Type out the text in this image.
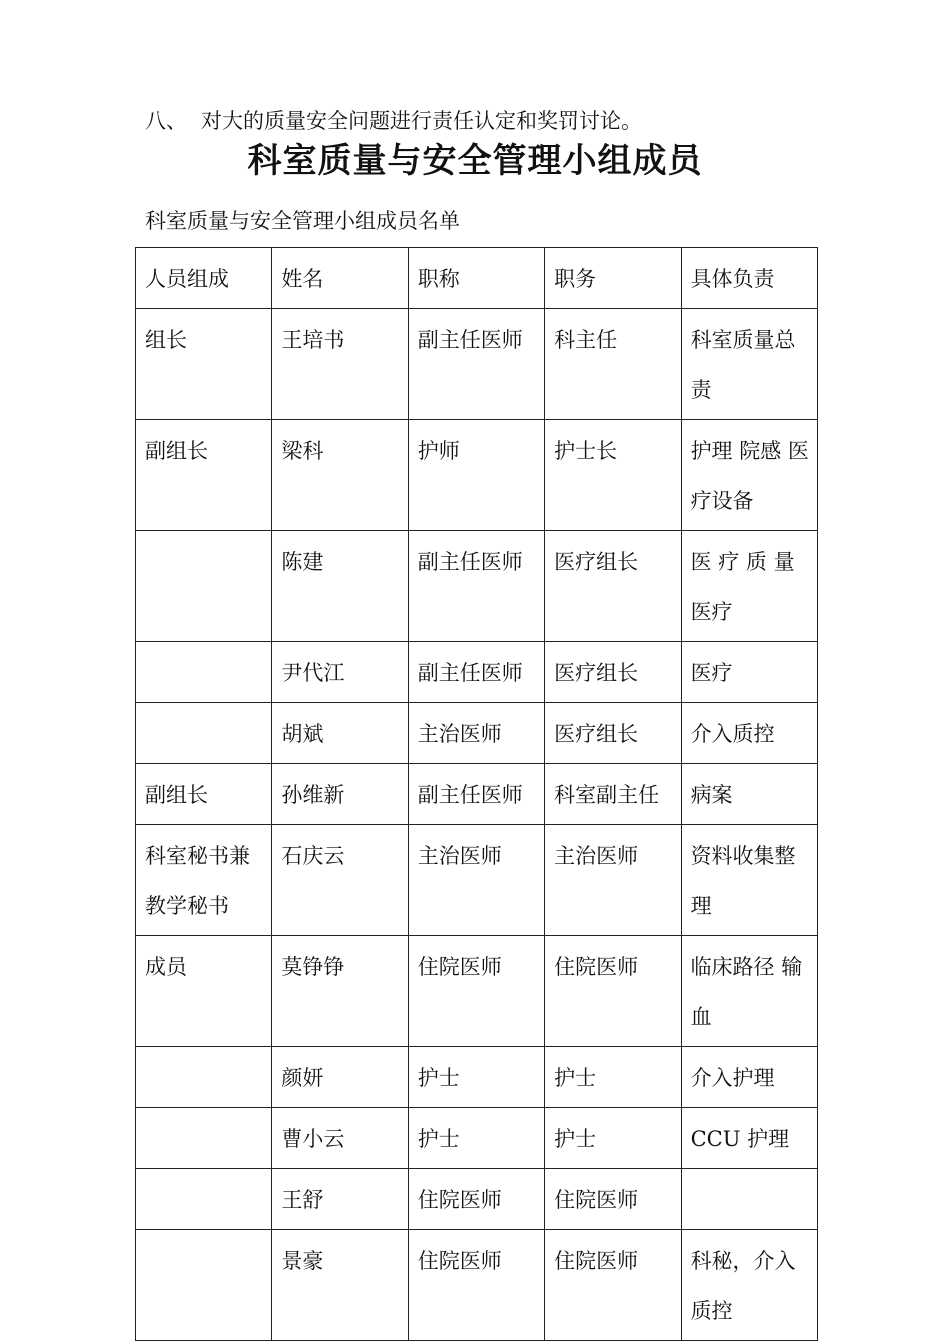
八、 对大的质量安全问题进行责任认定和奖罚讨论。
科室质量与安全管理小组成员
科室质量与安全管理小组成员名单
人员组成	姓名	职称	职务	具体负责
组长	王培书	副主任医师	科主任	科室质量总责
副组长	梁科	护师	护士长	护理 院感 医疗设备
	陈建	副主任医师	医疗组长	医 疗 质 量 医疗
	尹代江	副主任医师	医疗组长	医疗
	胡斌	主治医师	医疗组长	介入质控
副组长	孙维新	副主任医师	科室副主任	病案
科室秘书兼教学秘书	石庆云	主治医师	主治医师	资料收集整理
成员	莫铮铮	住院医师	住院医师	临床路径 输血
	颜妍	护士	护士	介入护理
	曹小云	护士	护士	CCU 护理
	王舒	住院医师	住院医师	
	景豪	住院医师	住院医师	科秘，介入质控
